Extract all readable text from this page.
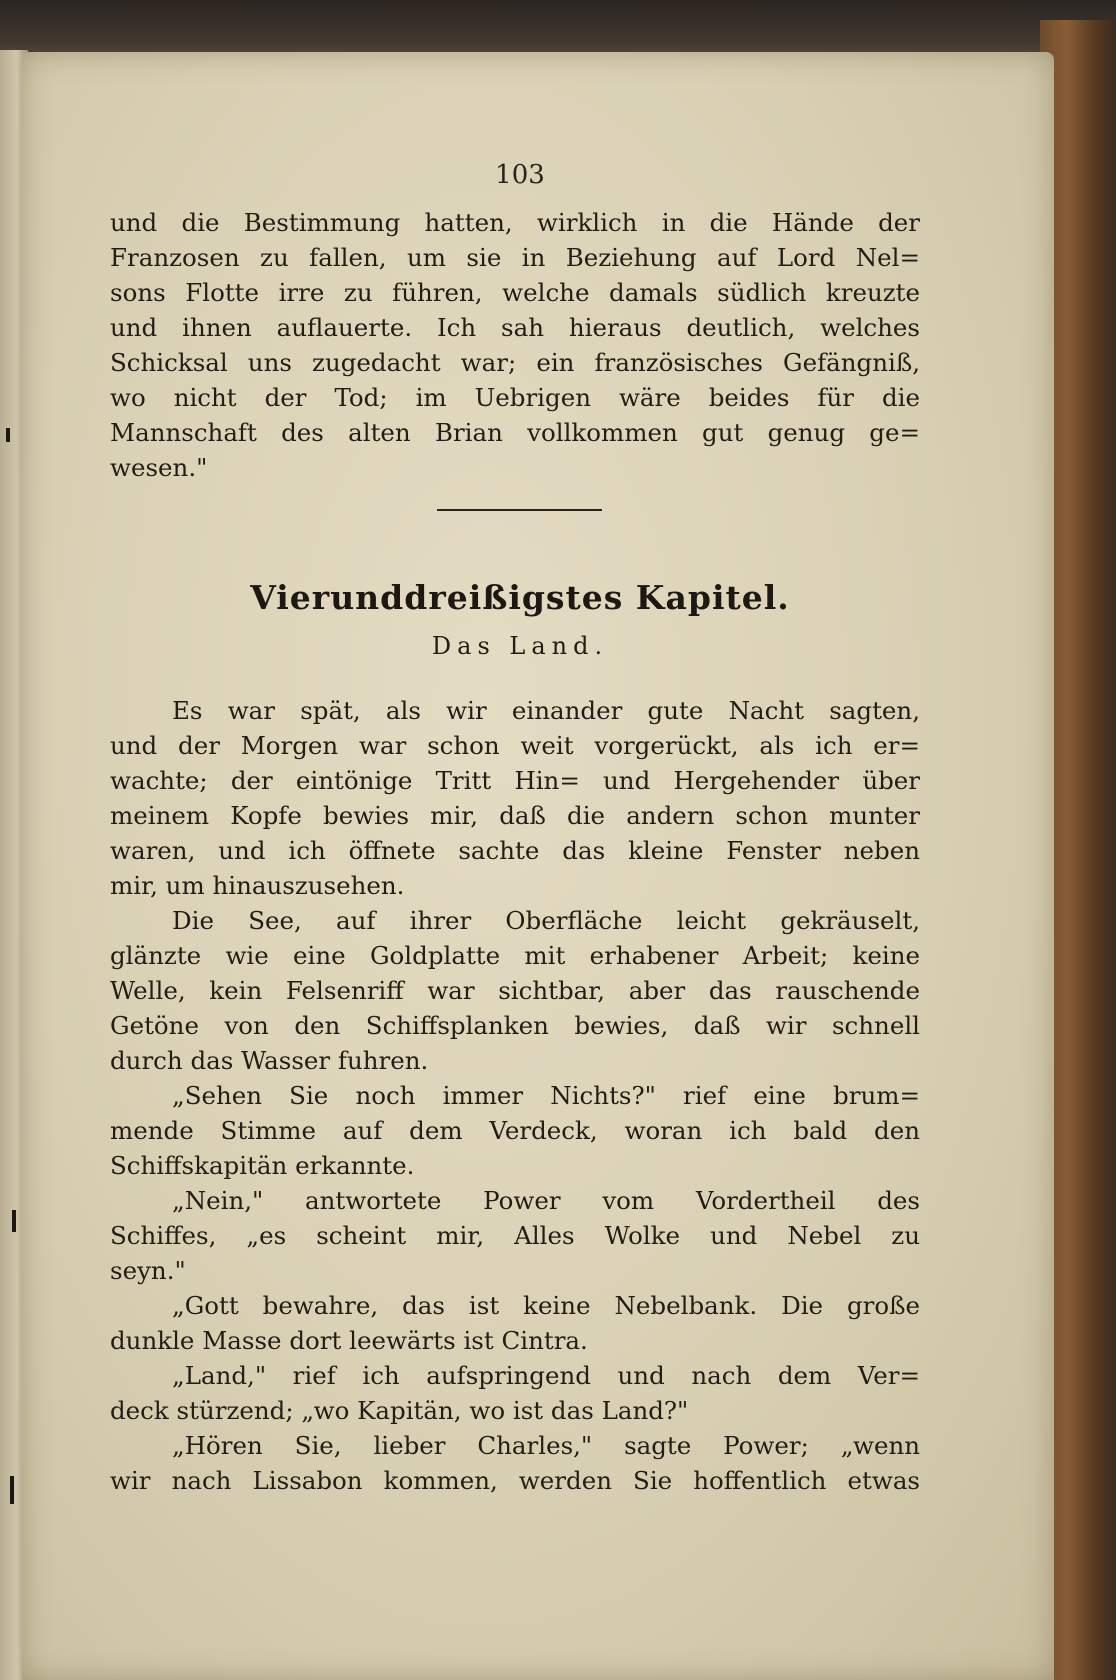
103
und die Bestimmung hatten, wirklich in die Hände der
Franzosen zu fallen, um sie in Beziehung auf Lord Nel=
sons Flotte irre zu führen, welche damals südlich kreuzte
und ihnen auflauerte. Ich sah hieraus deutlich, welches
Schicksal uns zugedacht war; ein französisches Gefängniß,
wo nicht der Tod; im Uebrigen wäre beides für die
Mannschaft des alten Brian vollkommen gut genug ge=
wesen."
Vierunddreißigstes Kapitel.
Das Land.
Es war spät, als wir einander gute Nacht sagten,
und der Morgen war schon weit vorgerückt, als ich er=
wachte; der eintönige Tritt Hin= und Hergehender über
meinem Kopfe bewies mir, daß die andern schon munter
waren, und ich öffnete sachte das kleine Fenster neben
mir, um hinauszusehen.
Die See, auf ihrer Oberfläche leicht gekräuselt,
glänzte wie eine Goldplatte mit erhabener Arbeit; keine
Welle, kein Felsenriff war sichtbar, aber das rauschende
Getöne von den Schiffsplanken bewies, daß wir schnell
durch das Wasser fuhren.
„Sehen Sie noch immer Nichts?" rief eine brum=
mende Stimme auf dem Verdeck, woran ich bald den
Schiffskapitän erkannte.
„Nein," antwortete Power vom Vordertheil des
Schiffes, „es scheint mir, Alles Wolke und Nebel zu
seyn."
„Gott bewahre, das ist keine Nebelbank. Die große
dunkle Masse dort leewärts ist Cintra.
„Land," rief ich aufspringend und nach dem Ver=
deck stürzend; „wo Kapitän, wo ist das Land?"
„Hören Sie, lieber Charles," sagte Power; „wenn
wir nach Lissabon kommen, werden Sie hoffentlich etwas
